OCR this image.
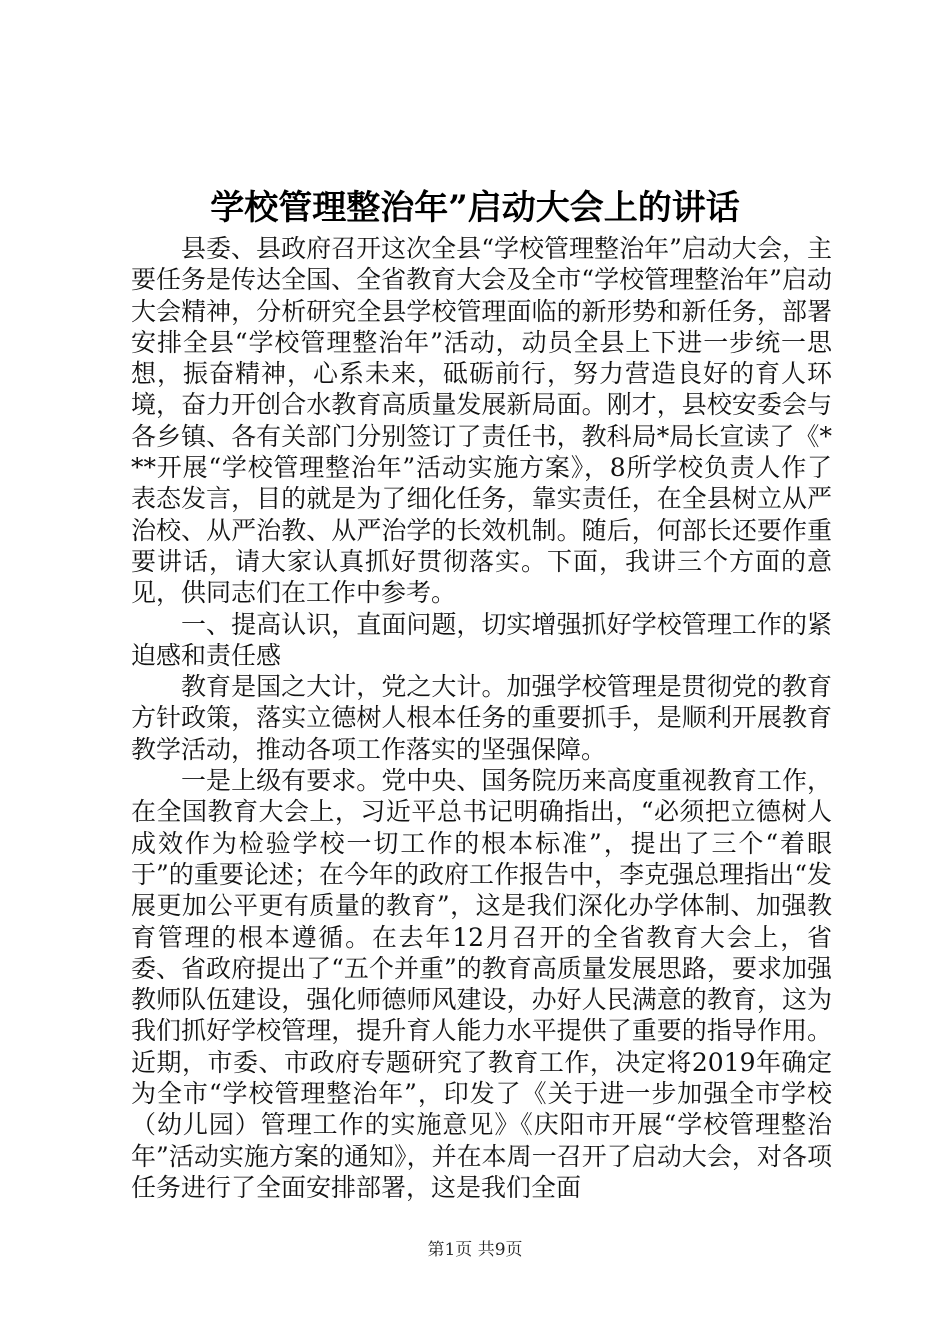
学校管理整治年”启动大会上的讲话

县委、县政府召开这次全县“学校管理整治年”启动大会，主要任务是传达全国、全省教育大会及全市“学校管理整治年”启动大会精神，分析研究全县学校管理面临的新形势和新任务，部署安排全县“学校管理整治年”活动，动员全县上下进一步统一思想，振奋精神，心系未来，砥砺前行，努力营造良好的育人环境，奋力开创合水教育高质量发展新局面。刚才，县校安委会与各乡镇、各有关部门分别签订了责任书，教科局*局长宣读了《***开展“学校管理整治年”活动实施方案》，8所学校负责人作了表态发言，目的就是为了细化任务，靠实责任，在全县树立从严治校、从严治教、从严治学的长效机制。随后，何部长还要作重要讲话，请大家认真抓好贯彻落实。下面，我讲三个方面的意见，供同志们在工作中参考。

一、提高认识，直面问题，切实增强抓好学校管理工作的紧迫感和责任感

教育是国之大计，党之大计。加强学校管理是贯彻党的教育方针政策，落实立德树人根本任务的重要抓手，是顺利开展教育教学活动，推动各项工作落实的坚强保障。

一是上级有要求。党中央、国务院历来高度重视教育工作，在全国教育大会上，习近平总书记明确指出，“必须把立德树人成效作为检验学校一切工作的根本标准”，提出了三个“着眼于”的重要论述；在今年的政府工作报告中，李克强总理指出“发展更加公平更有质量的教育”，这是我们深化办学体制、加强教育管理的根本遵循。在去年12月召开的全省教育大会上，省委、省政府提出了“五个并重”的教育高质量发展思路，要求加强教师队伍建设，强化师德师风建设，办好人民满意的教育，这为我们抓好学校管理，提升育人能力水平提供了重要的指导作用。近期，市委、市政府专题研究了教育工作，决定将2019年确定为全市“学校管理整治年”，印发了《关于进一步加强全市学校（幼儿园）管理工作的实施意见》《庆阳市开展“学校管理整治年”活动实施方案的通知》，并在本周一召开了启动大会，对各项任务进行了全面安排部署，这是我们全面

第1页 共9页
